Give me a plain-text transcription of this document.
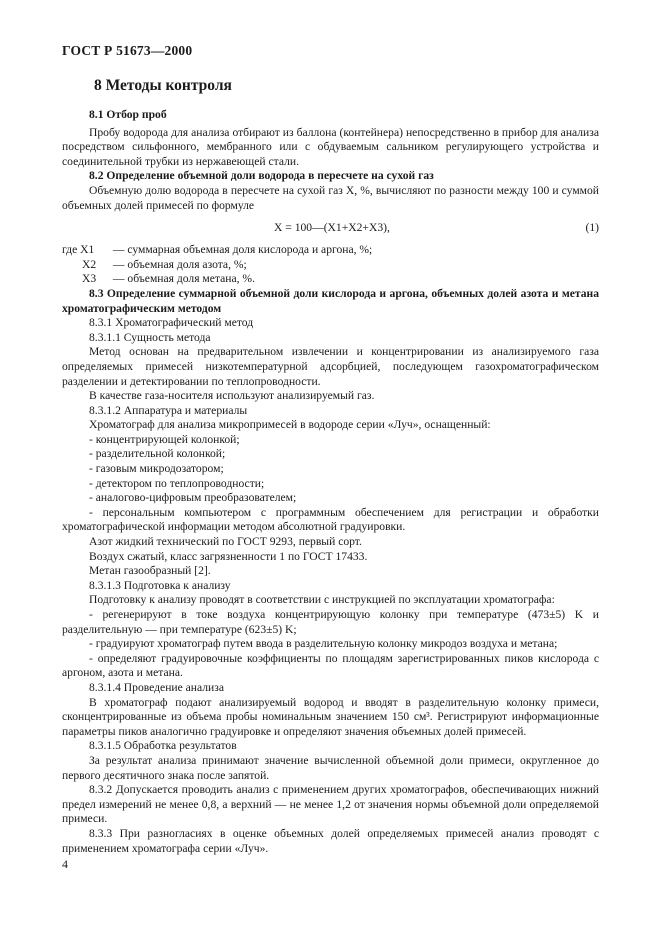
ГОСТ Р 51673—2000
8 Методы контроля

8.1 Отбор проб

Пробу водорода для анализа отбирают из баллона (контейнера) непосредственно в прибор для анализа посредством сильфонного, мембранного или с обдуваемым сальником регулирующего устройства и соединительной трубки из нержавеющей стали.

8.2 Определение объемной доли водорода в пересчете на сухой газ

Объемную долю водорода в пересчете на сухой газ X, %, вычисляют по разности между 100 и суммой объемных долей примесей по формуле

X = 100—(X1+X2+X3),	(1)

где X1 — суммарная объемная доля кислорода и аргона, %;

X2 — объемная доля азота, %;

X3 — объемная доля метана, %.

8.3 Определение суммарной объемной доли кислорода и аргона, объемных долей азота и метана хроматографическим методом

8.3.1 Хроматографический метод

8.3.1.1 Сущность метода

Метод основан на предварительном извлечении и концентрировании из анализируемого газа определяемых примесей низкотемпературной адсорбцией, последующем газохроматографическом разделении и детектировании по теплопроводности.

В качестве газа-носителя используют анализируемый газ.

8.3.1.2 Аппаратура и материалы

Хроматограф для анализа микропримесей в водороде серии «Луч», оснащенный:

- концентрирующей колонкой;

- разделительной колонкой;

- газовым микродозатором;

- детектором по теплопроводности;

- аналогово-цифровым преобразователем;

- персональным компьютером с программным обеспечением для регистрации и обработки хроматографической информации методом абсолютной градуировки.

Азот жидкий технический по ГОСТ 9293, первый сорт.

Воздух сжатый, класс загрязненности 1 по ГОСТ 17433.

Метан газообразный [2].

8.3.1.3 Подготовка к анализу

Подготовку к анализу проводят в соответствии с инструкцией по эксплуатации хроматографа:

- регенерируют в токе воздуха концентрирующую колонку при температуре (473±5) K и разделительную — при температуре (623±5) K;

- градуируют хроматограф путем ввода в разделительную колонку микродоз воздуха и метана;

- определяют градуировочные коэффициенты по площадям зарегистрированных пиков кислорода с аргоном, азота и метана.

8.3.1.4 Проведение анализа

В хроматограф подают анализируемый водород и вводят в разделительную колонку примеси, сконцентрированные из объема пробы номинальным значением 150 см³. Регистрируют информационные параметры пиков аналогично градуировке и определяют значения объемных долей примесей.

8.3.1.5 Обработка результатов

За результат анализа принимают значение вычисленной объемной доли примеси, округленное до первого десятичного знака после запятой.

8.3.2 Допускается проводить анализ с применением других хроматографов, обеспечивающих нижний предел измерений не менее 0,8, а верхний — не менее 1,2 от значения нормы объемной доли определяемой примеси.

8.3.3 При разногласиях в оценке объемных долей определяемых примесей анализ проводят с применением хроматографа серии «Луч».

4
